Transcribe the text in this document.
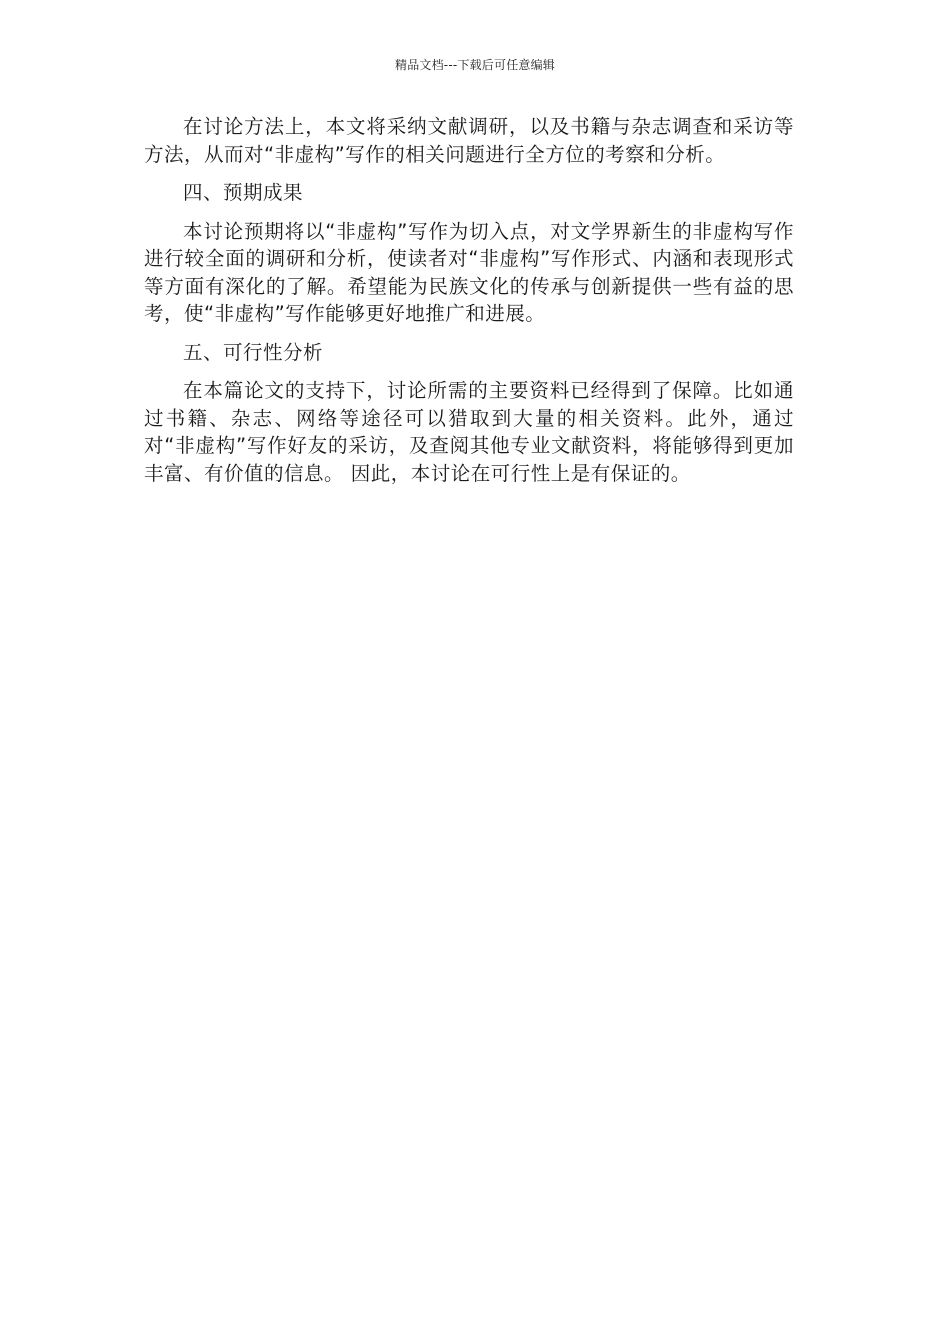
精品文档---下载后可任意编辑

在讨论方法上，本文将采纳文献调研，以及书籍与杂志调查和采访等方法，从而对“非虚构”写作的相关问题进行全方位的考察和分析。

四、预期成果

本讨论预期将以“非虚构”写作为切入点，对文学界新生的非虚构写作进行较全面的调研和分析，使读者对“非虚构”写作形式、内涵和表现形式等方面有深化的了解。希望能为民族文化的传承与创新提供一些有益的思考，使“非虚构”写作能够更好地推广和进展。

五、可行性分析

在本篇论文的支持下，讨论所需的主要资料已经得到了保障。比如通过书籍、杂志、网络等途径可以猎取到大量的相关资料。此外，通过对“非虚构”写作好友的采访，及查阅其他专业文献资料，将能够得到更加丰富、有价值的信息。 因此，本讨论在可行性上是有保证的。
